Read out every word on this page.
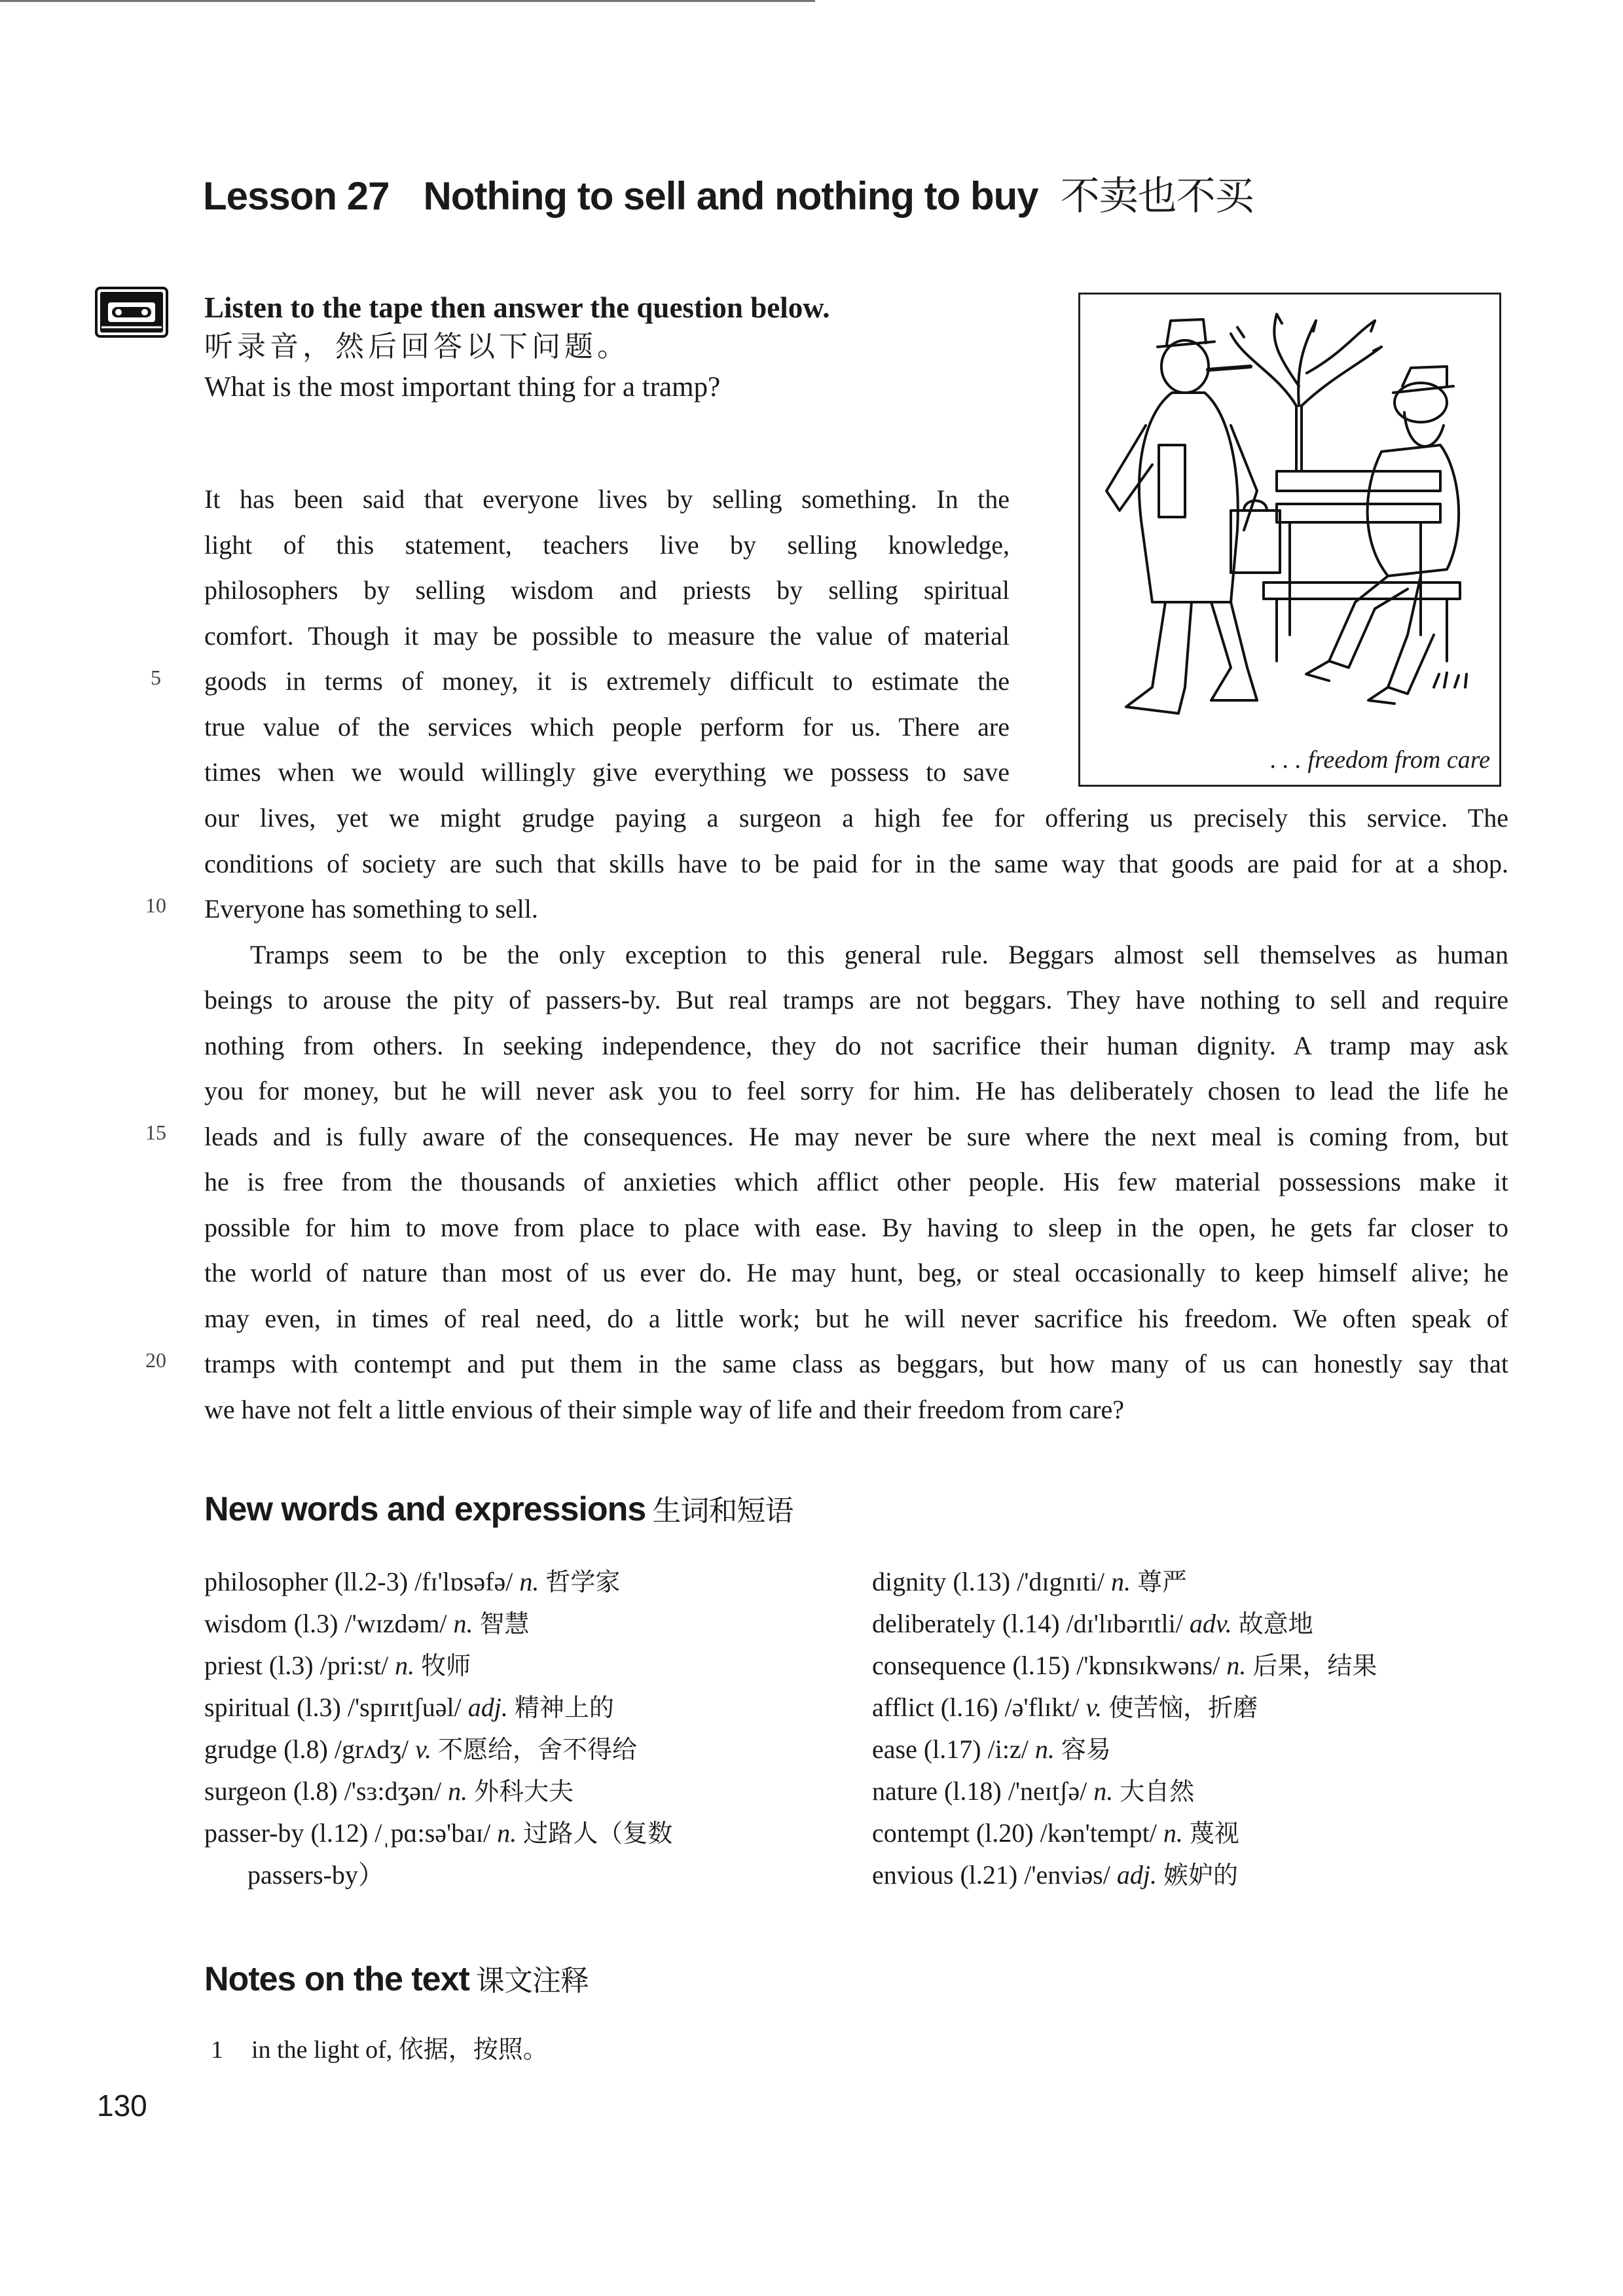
Lesson 27 Nothing to sell and nothing to buy 不卖也不买
Listen to the tape then answer the question below.
听录音，然后回答以下问题。
What is the most important thing for a tramp?
. . . freedom from care
It has been said that everyone lives by selling something. In the
light of this statement, teachers live by selling knowledge,
philosophers by selling wisdom and priests by selling spiritual
comfort. Though it may be possible to measure the value of material
goods in terms of money, it is extremely difficult to estimate the
true value of the services which people perform for us. There are
times when we would willingly give everything we possess to save
our lives, yet we might grudge paying a surgeon a high fee for offering us precisely this service. The
conditions of society are such that skills have to be paid for in the same way that goods are paid for at a shop.
Everyone has something to sell.
Tramps seem to be the only exception to this general rule. Beggars almost sell themselves as human
beings to arouse the pity of passers-by. But real tramps are not beggars. They have nothing to sell and require
nothing from others. In seeking independence, they do not sacrifice their human dignity. A tramp may ask
you for money, but he will never ask you to feel sorry for him. He has deliberately chosen to lead the life he
leads and is fully aware of the consequences. He may never be sure where the next meal is coming from, but
he is free from the thousands of anxieties which afflict other people. His few material possessions make it
possible for him to move from place to place with ease. By having to sleep in the open, he gets far closer to
the world of nature than most of us ever do. He may hunt, beg, or steal occasionally to keep himself alive; he
may even, in times of real need, do a little work; but he will never sacrifice his freedom. We often speak of
tramps with contempt and put them in the same class as beggars, but how many of us can honestly say that
we have not felt a little envious of their simple way of life and their freedom from care?
5
10
15
20
New words and expressions 生词和短语
philosopher (ll.2-3) /fɪ'lɒsəfə/ n. 哲学家
wisdom (l.3) /'wɪzdəm/ n. 智慧
priest (l.3) /pri:st/ n. 牧师
spiritual (l.3) /'spɪrɪtʃuəl/ adj. 精神上的
grudge (l.8) /grʌdʒ/ v. 不愿给，舍不得给
surgeon (l.8) /'sɜ:dʒən/ n. 外科大夫
passer-by (l.12) /ˌpɑ:sə'baɪ/ n. 过路人（复数
passers-by）
dignity (l.13) /'dɪgnɪti/ n. 尊严
deliberately (l.14) /dɪ'lɪbərɪtli/ adv. 故意地
consequence (l.15) /'kɒnsɪkwəns/ n. 后果，结果
afflict (l.16) /ə'flɪkt/ v. 使苦恼，折磨
ease (l.17) /i:z/ n. 容易
nature (l.18) /'neɪtʃə/ n. 大自然
contempt (l.20) /kən'tempt/ n. 蔑视
envious (l.21) /'enviəs/ adj. 嫉妒的
Notes on the text 课文注释
1 in the light of, 依据，按照。
130
